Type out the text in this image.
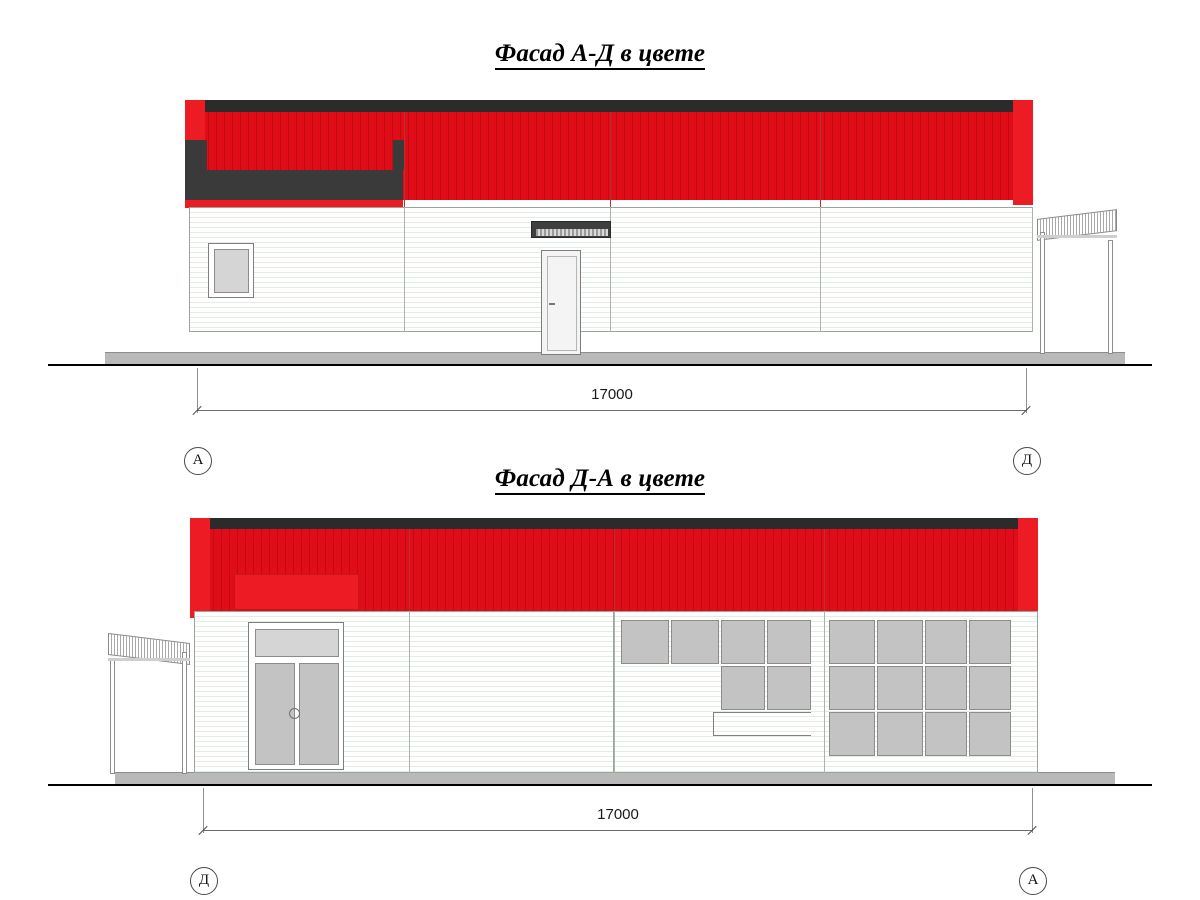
Фасад А-Д в цвете
17000
А	Д
Фасад Д-А в цвете
17000
Д	А
